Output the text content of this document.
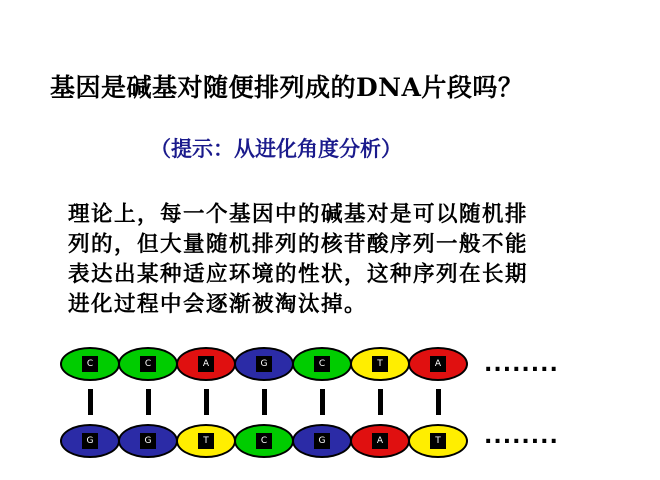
基因是碱基对随便排列成的DNA片段吗？
（提示：从进化角度分析）
理论上，每一个基因中的碱基对是可以随机排
列的，但大量随机排列的核苷酸序列一般不能
表达出某种适应环境的性状，这种序列在长期
进化过程中会逐渐被淘汰掉。
........
........
C	C	A	G	C	T	A
G	G	T	C	G	A	T
